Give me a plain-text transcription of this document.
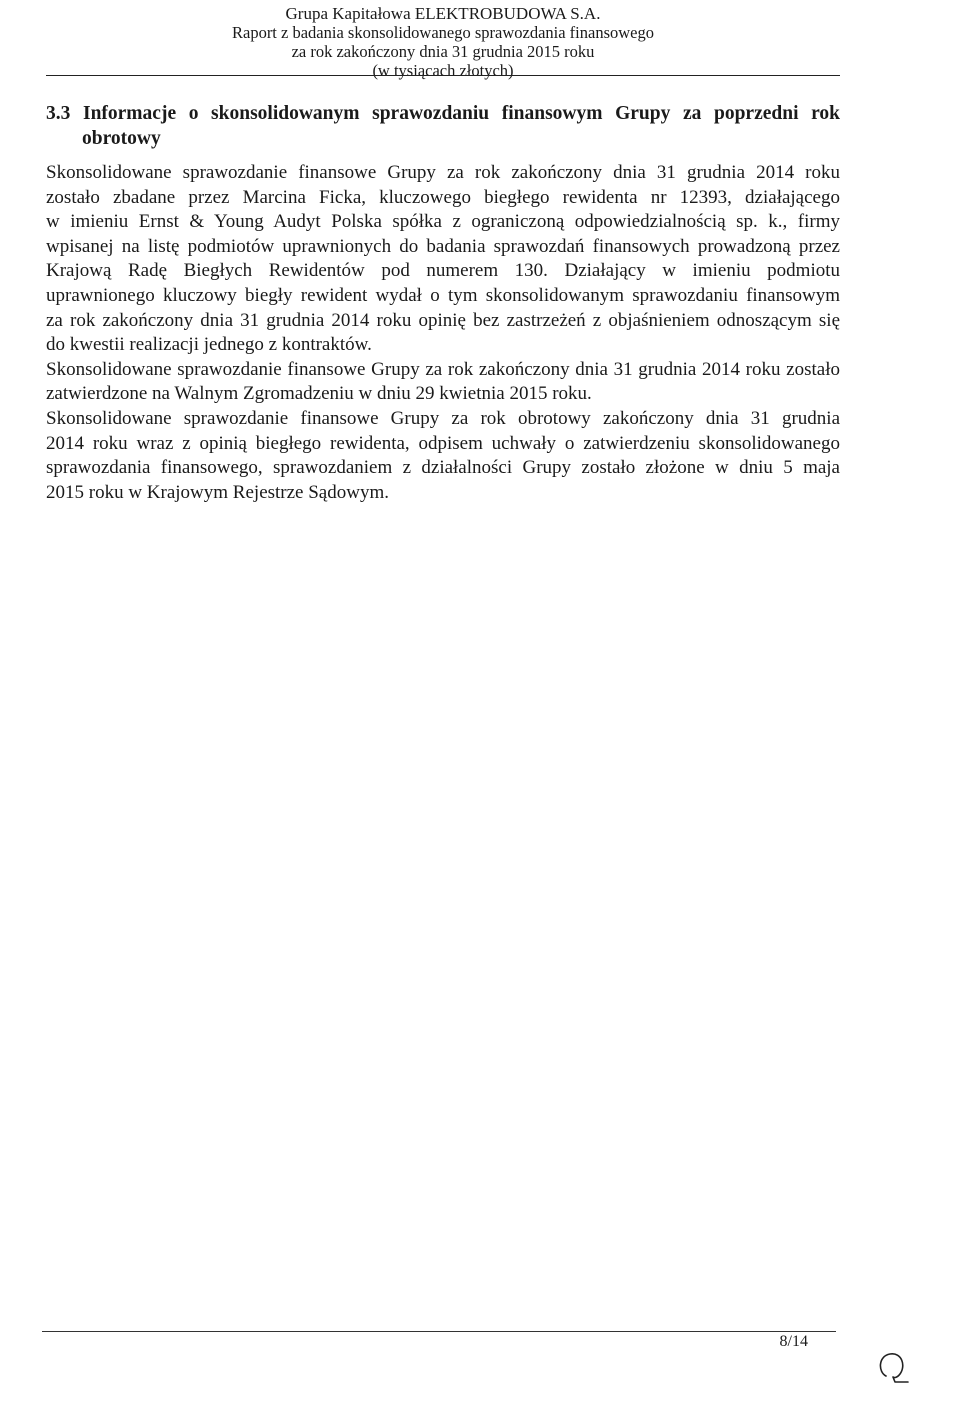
Grupa Kapitałowa ELEKTROBUDOWA S.A.
Raport z badania skonsolidowanego sprawozdania finansowego
za rok zakończony dnia 31 grudnia 2015 roku
(w tysiącach złotych)
3.3 Informacje o skonsolidowanym sprawozdaniu finansowym Grupy za poprzedni rok
obrotowy
Skonsolidowane sprawozdanie finansowe Grupy za rok zakończony dnia 31 grudnia 2014 roku
zostało zbadane przez Marcina Ficka, kluczowego biegłego rewidenta nr 12393, działającego
w imieniu Ernst & Young Audyt Polska spółka z ograniczoną odpowiedzialnością sp. k., firmy
wpisanej na listę podmiotów uprawnionych do badania sprawozdań finansowych prowadzoną przez
Krajową Radę Biegłych Rewidentów pod numerem 130. Działający w imieniu podmiotu
uprawnionego kluczowy biegły rewident wydał o tym skonsolidowanym sprawozdaniu finansowym
za rok zakończony dnia 31 grudnia 2014 roku opinię bez zastrzeżeń z objaśnieniem odnoszącym się
do kwestii realizacji jednego z kontraktów.
Skonsolidowane sprawozdanie finansowe Grupy za rok zakończony dnia 31 grudnia 2014 roku zostało
zatwierdzone na Walnym Zgromadzeniu w dniu 29 kwietnia 2015 roku.
Skonsolidowane sprawozdanie finansowe Grupy za rok obrotowy zakończony dnia 31 grudnia
2014 roku wraz z opinią biegłego rewidenta, odpisem uchwały o zatwierdzeniu skonsolidowanego
sprawozdania finansowego, sprawozdaniem z działalności Grupy zostało złożone w dniu 5 maja
2015 roku w Krajowym Rejestrze Sądowym.
8/14
